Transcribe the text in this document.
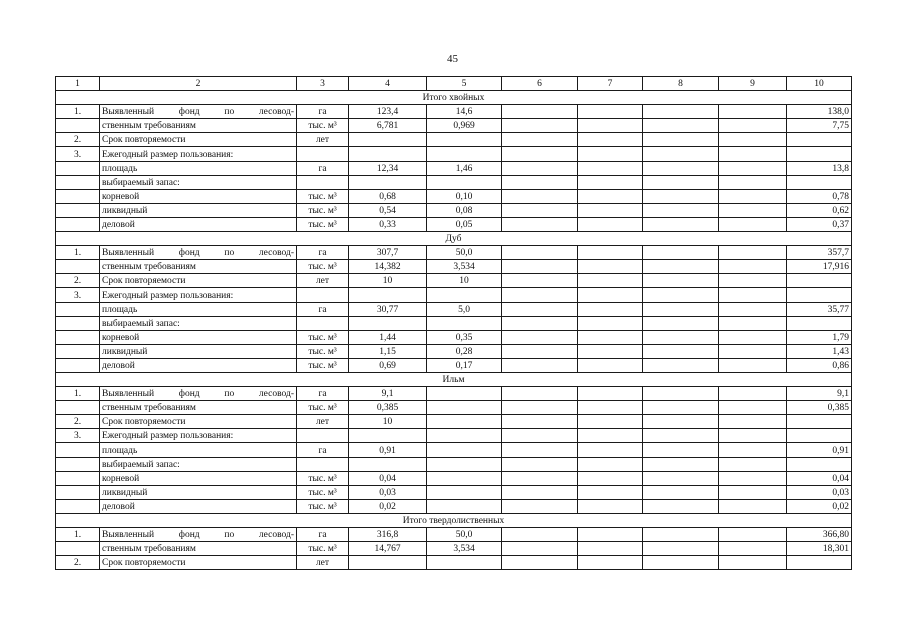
45
1	2	3	4	5	6	7	8	9	10
Итого хвойных									
1.	Выявленный фонд по лесовод-	га	123,4	14,6					138,0
	ственным требованиям	тыс. м³	6,781	0,969					7,75
2.	Срок повторяемости	лет							
3.	Ежегодный размер пользования:								
	площадь	га	12,34	1,46					13,8
	выбираемый запас:								
	корневой	тыс. м³	0,68	0,10					0,78
	ликвидный	тыс. м³	0,54	0,08					0,62
	деловой	тыс. м³	0,33	0,05					0,37
Дуб									
1.	Выявленный фонд по лесовод-	га	307,7	50,0					357,7
	ственным требованиям	тыс. м³	14,382	3,534					17,916
2.	Срок повторяемости	лет	10	10					
3.	Ежегодный размер пользования:								
	площадь	га	30,77	5,0					35,77
	выбираемый запас:								
	корневой	тыс. м³	1,44	0,35					1,79
	ликвидный	тыс. м³	1,15	0,28					1,43
	деловой	тыс. м³	0,69	0,17					0,86
Ильм									
1.	Выявленный фонд по лесовод-	га	9,1						9,1
	ственным требованиям	тыс. м³	0,385						0,385
2.	Срок повторяемости	лет	10						
3.	Ежегодный размер пользования:								
	площадь	га	0,91						0,91
	выбираемый запас:								
	корневой	тыс. м³	0,04						0,04
	ликвидный	тыс. м³	0,03						0,03
	деловой	тыс. м³	0,02						0,02
Итого твердолиственных									
1.	Выявленный фонд по лесовод-	га	316,8	50,0					366,80
	ственным требованиям	тыс. м³	14,767	3,534					18,301
2.	Срок повторяемости	лет							
